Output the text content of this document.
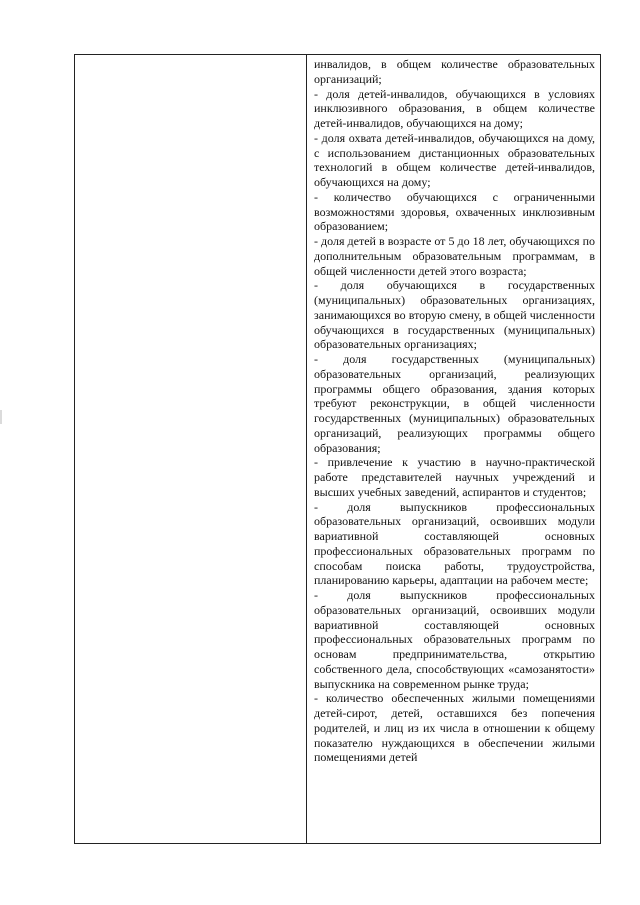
инвалидов, в общем количестве образовательных организаций;

- доля детей-инвалидов, обучающихся в условиях инклюзивного образования, в общем количестве детей-инвалидов, обучающихся на дому;

- доля охвата детей-инвалидов, обучающихся на дому, с использованием дистанционных образовательных технологий в общем количестве детей-инвалидов, обучающихся на дому;

- количество обучающихся с ограниченными возможностями здоровья, охваченных инклюзивным образованием;

- доля детей в возрасте от 5 до 18 лет, обучающихся по дополнительным образовательным программам, в общей численности детей этого возраста;

- доля обучающихся в государственных (муниципальных) образовательных организациях, занимающихся во вторую смену, в общей численности обучающихся в государственных (муниципальных) образовательных организациях;

- доля государственных (муниципальных) образовательных организаций, реализующих программы общего образования, здания которых требуют реконструкции, в общей численности государственных (муниципальных) образовательных организаций, реализующих программы общего образования;

- привлечение к участию в научно-практической работе представителей научных учреждений и высших учебных заведений, аспирантов и студентов;

- доля выпускников профессиональных образовательных организаций, освоивших модули вариативной составляющей основных профессиональных образовательных программ по способам поиска работы, трудоустройства, планированию карьеры, адаптации на рабочем месте;

- доля выпускников профессиональных образовательных организаций, освоивших модули вариативной составляющей основных профессиональных образовательных программ по основам предпринимательства, открытию собственного дела, способствующих «самозанятости» выпускника на современном рынке труда;

- количество обеспеченных жилыми помещениями детей-сирот, детей, оставшихся без попечения родителей, и лиц из их числа в отношении к общему показателю нуждающихся в обеспечении жилыми помещениями детей
